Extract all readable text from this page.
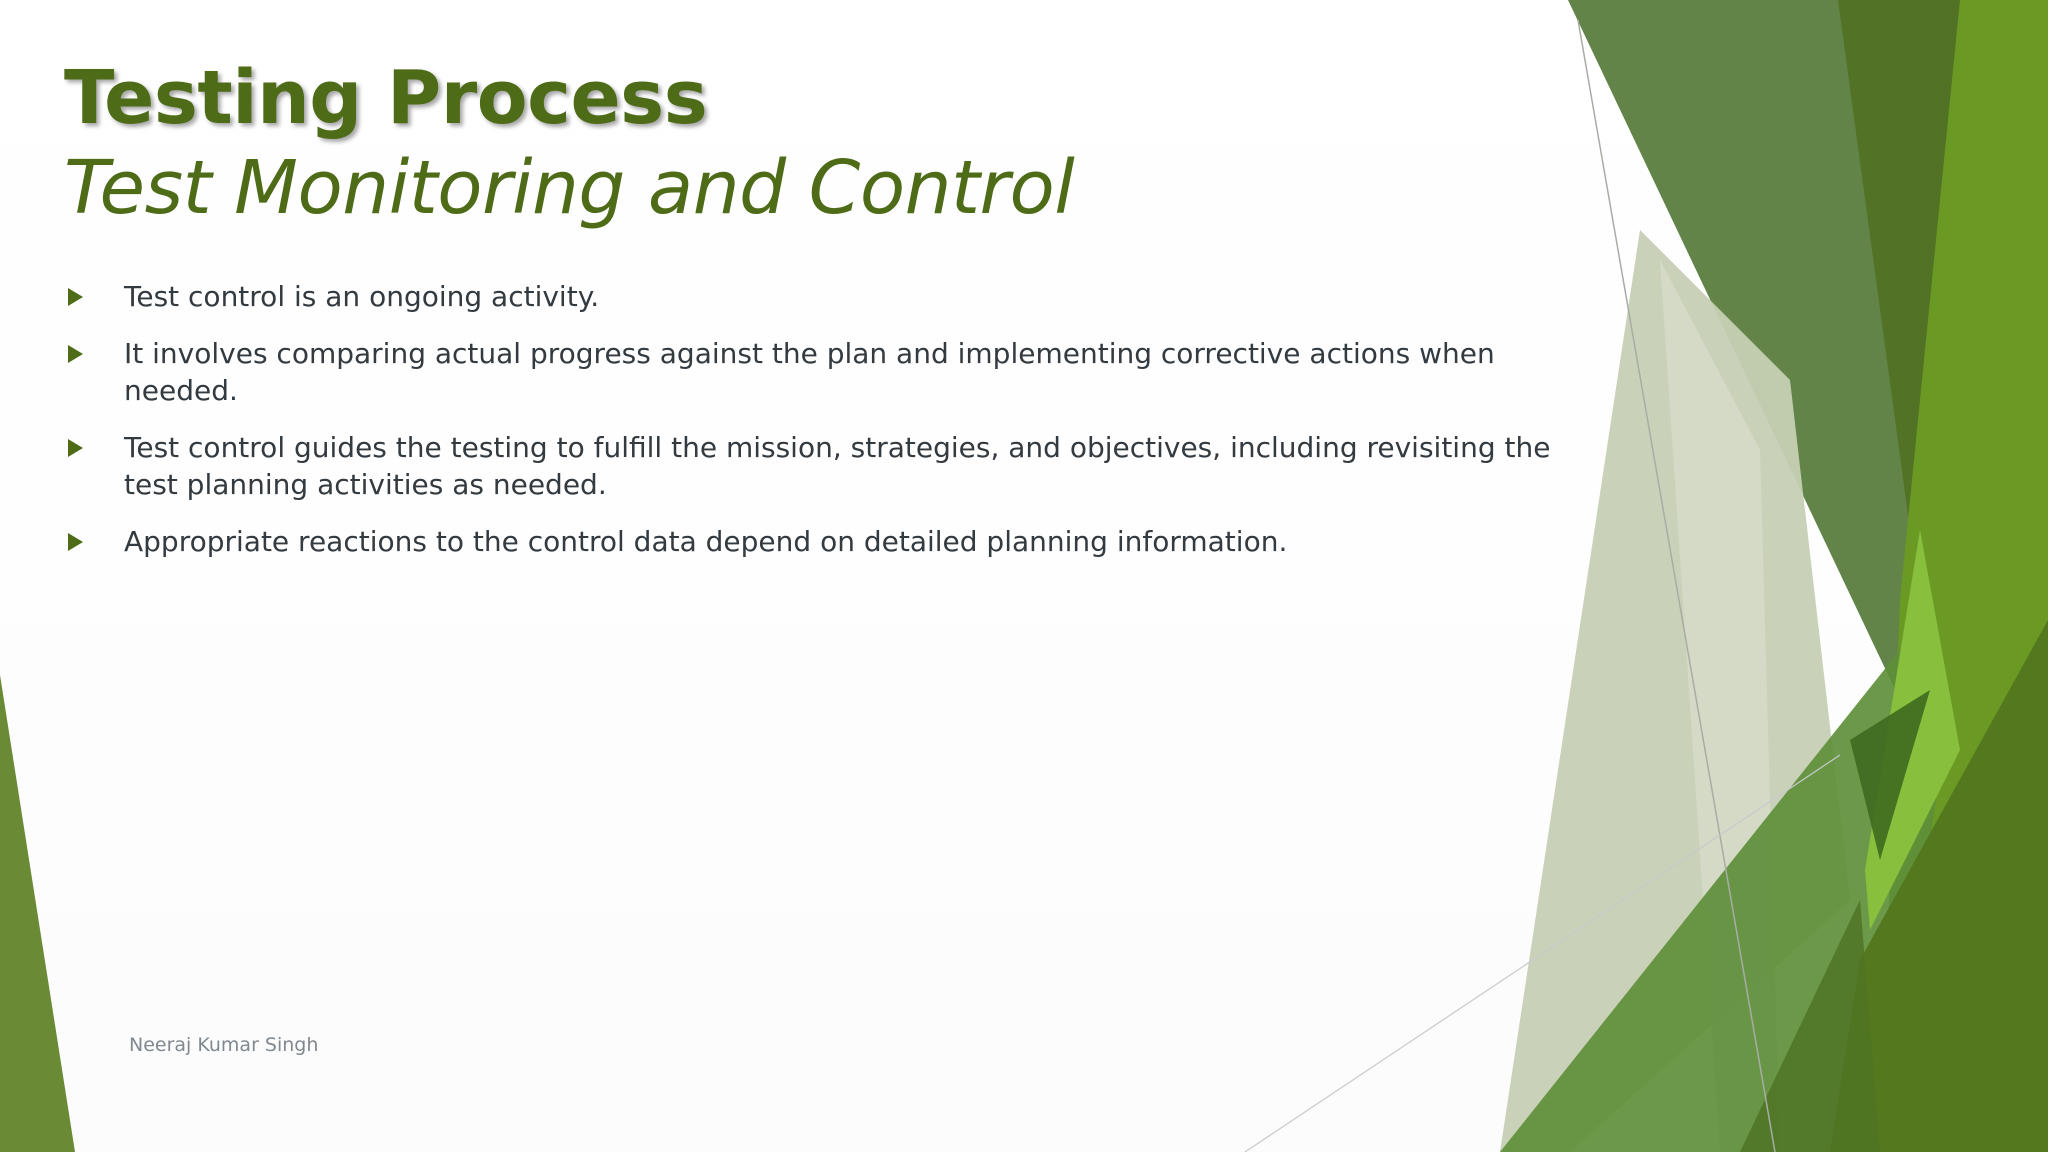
Testing Process
Test Monitoring and Control
Test control is an ongoing activity.
It involves comparing actual progress against the plan and implementing corrective actions when needed.
Test control guides the testing to fulfill the mission, strategies, and objectives, including revisiting the test planning activities as needed.
Appropriate reactions to the control data depend on detailed planning information.
Neeraj Kumar Singh
